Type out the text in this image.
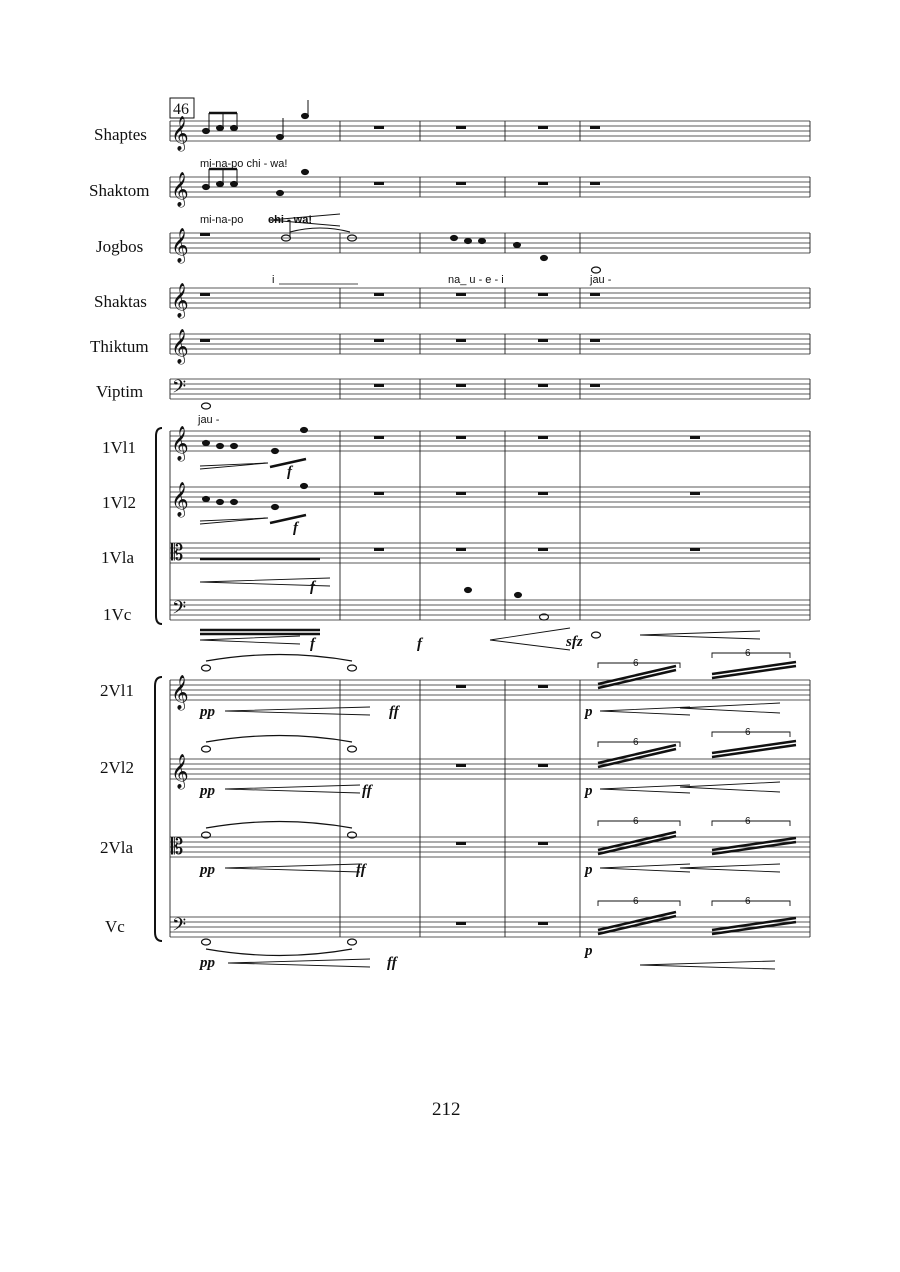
46
Shaptes
Shaktom
Jogbos
Shaktas
Thiktum
Viptim
1Vl1
1Vl2
1Vla
1Vc
2Vl1
2Vl2
2Vla
Vc
𝄞
𝄞
𝄞
𝄞
𝄞
𝄞
𝄞
𝄞
𝄞
𝄢
𝄢
𝄢
𝄡
𝄡
6
6
6
6
6	6
6	6
mi-na-po chi - wa!
mi-na-po chi - wa!
i	na_ u - e - i	jau -
jau -
f
f
f
f	f	sfz
pp	ff	p
pp	ff	p
pp	ff	p
pp	ff
p
212
